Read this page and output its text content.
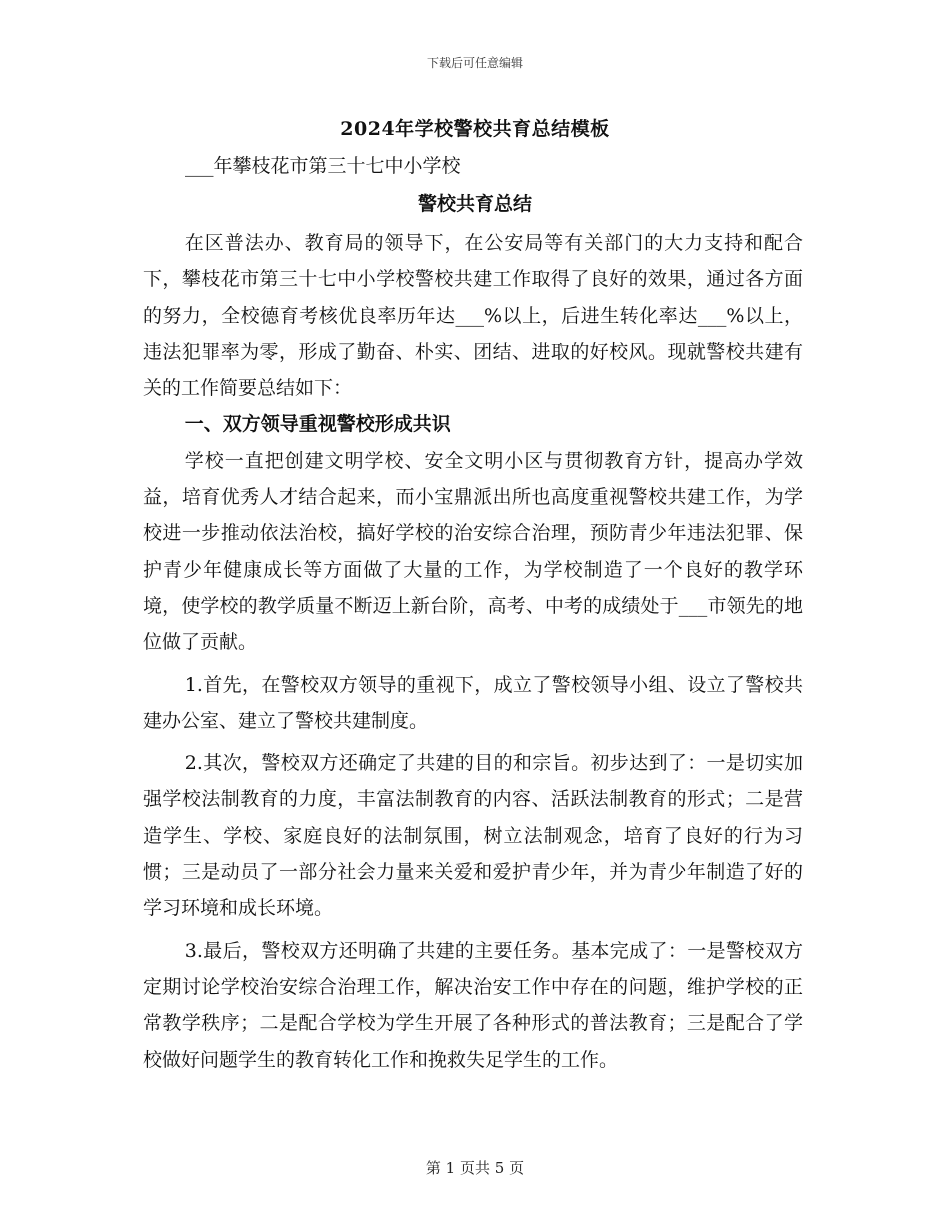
下载后可任意编辑
2024年学校警校共育总结模板
___年攀枝花市第三十七中小学校
警校共育总结

在区普法办、教育局的领导下，在公安局等有关部门的大力支持和配合下，攀枝花市第三十七中小学校警校共建工作取得了良好的效果，通过各方面的努力，全校德育考核优良率历年达___%以上，后进生转化率达___%以上，违法犯罪率为零，形成了勤奋、朴实、团结、进取的好校风。现就警校共建有关的工作简要总结如下：

一、双方领导重视警校形成共识

学校一直把创建文明学校、安全文明小区与贯彻教育方针，提高办学效益，培育优秀人才结合起来，而小宝鼎派出所也高度重视警校共建工作，为学校进一步推动依法治校，搞好学校的治安综合治理，预防青少年违法犯罪、保护青少年健康成长等方面做了大量的工作，为学校制造了一个良好的教学环境，使学校的教学质量不断迈上新台阶，高考、中考的成绩处于___市领先的地位做了贡献。

1.首先，在警校双方领导的重视下，成立了警校领导小组、设立了警校共建办公室、建立了警校共建制度。

2.其次，警校双方还确定了共建的目的和宗旨。初步达到了：一是切实加强学校法制教育的力度，丰富法制教育的内容、活跃法制教育的形式；二是营造学生、学校、家庭良好的法制氛围，树立法制观念，培育了良好的行为习惯；三是动员了一部分社会力量来关爱和爱护青少年，并为青少年制造了好的学习环境和成长环境。

3.最后，警校双方还明确了共建的主要任务。基本完成了：一是警校双方定期讨论学校治安综合治理工作，解决治安工作中存在的问题，维护学校的正常教学秩序；二是配合学校为学生开展了各种形式的普法教育；三是配合了学校做好问题学生的教育转化工作和挽救失足学生的工作。

第 1 页共 5 页
